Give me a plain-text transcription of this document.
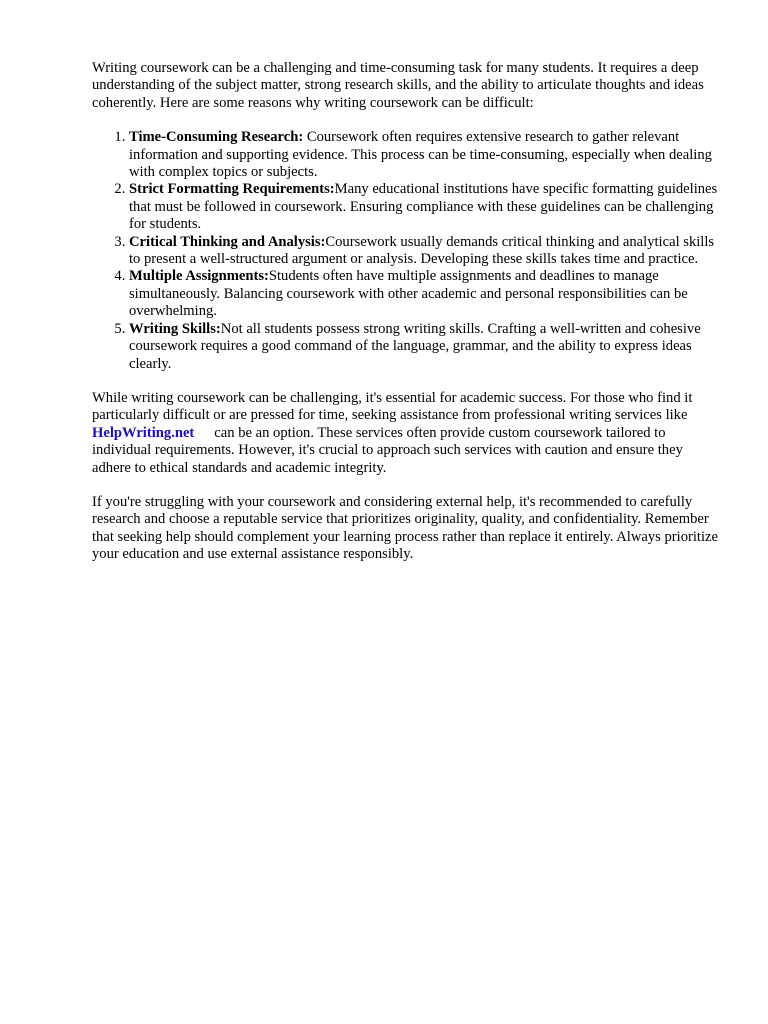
Writing coursework can be a challenging and time-consuming task for many students. It requires a deep understanding of the subject matter, strong research skills, and the ability to articulate thoughts and ideas coherently. Here are some reasons why writing coursework can be difficult:

1. Time-Consuming Research: Coursework often requires extensive research to gather relevant information and supporting evidence. This process can be time-consuming, especially when dealing with complex topics or subjects.
2. Strict Formatting Requirements:Many educational institutions have specific formatting guidelines that must be followed in coursework. Ensuring compliance with these guidelines can be challenging for students.
3. Critical Thinking and Analysis:Coursework usually demands critical thinking and analytical skills to present a well-structured argument or analysis. Developing these skills takes time and practice.
4. Multiple Assignments:Students often have multiple assignments and deadlines to manage simultaneously. Balancing coursework with other academic and personal responsibilities can be overwhelming.
5. Writing Skills:Not all students possess strong writing skills. Crafting a well-written and cohesive coursework requires a good command of the language, grammar, and the ability to express ideas clearly.

While writing coursework can be challenging, it's essential for academic success. For those who find it particularly difficult or are pressed for time, seeking assistance from professional writing services likeHelpWriting.net can be an option. These services often provide custom coursework tailored to individual requirements. However, it's crucial to approach such services with caution and ensure they adhere to ethical standards and academic integrity.

If you're struggling with your coursework and considering external help, it's recommended to carefully research and choose a reputable service that prioritizes originality, quality, and confidentiality. Remember that seeking help should complement your learning process rather than replace it entirely. Always prioritize your education and use external assistance responsibly.
